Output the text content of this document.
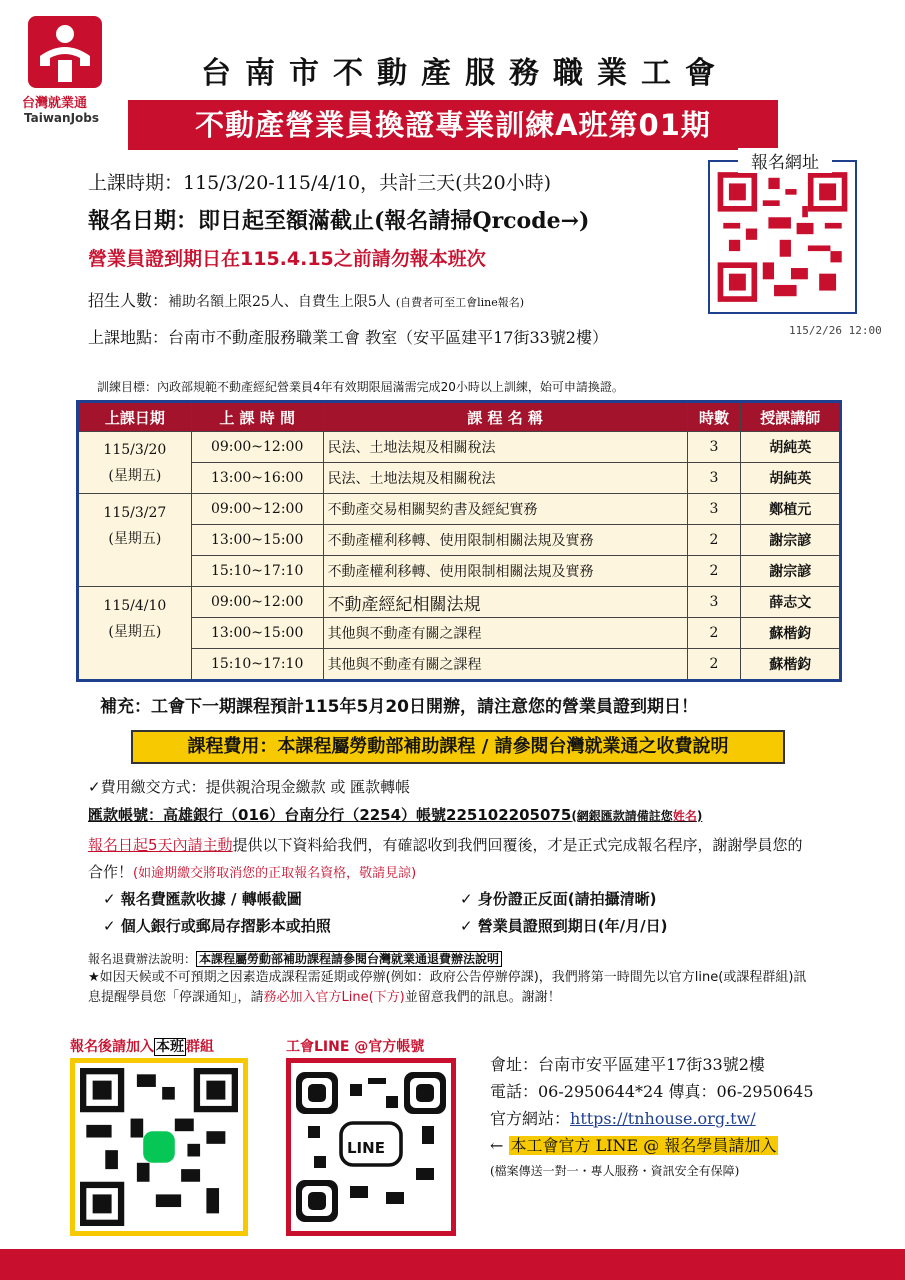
台灣就業通
TaiwanJobs
台南市不動產服務職業工會
不動產營業員換證專業訓練A班第01期
上課時期：115/3/20-115/4/10，共計三天(共20小時)
報名日期：即日起至額滿截止(報名請掃Qrcode→)
營業員證到期日在115.4.15之前請勿報本班次
招生人數：補助名額上限25人、自費生上限5人 (自費者可至工會line報名)
上課地點：台南市不動產服務職業工會 教室（安平區建平17街33號2樓）	115/2/26 12:00
報名網址
訓練目標：內政部規範不動產經紀營業員4年有效期限屆滿需完成20小時以上訓練，始可申請換證。
上課日期	上 課 時 間	課 程 名 稱	時數	授課講師
115/3/20
(星期五)	09:00~12:00	民法、土地法規及相關稅法	3	胡純英
	13:00~16:00	民法、土地法規及相關稅法	3	胡純英
115/3/27
(星期五)	09:00~12:00	不動產交易相關契約書及經紀實務	3	鄭植元
	13:00~15:00	不動產權利移轉、使用限制相關法規及實務	2	謝宗諺
	15:10~17:10	不動產權利移轉、使用限制相關法規及實務	2	謝宗諺
115/4/10
(星期五)	09:00~12:00	不動產經紀相關法規	3	薛志文
	13:00~15:00	其他與不動產有關之課程	2	蘇楷鈞
	15:10~17:10	其他與不動產有關之課程	2	蘇楷鈞
補充：工會下一期課程預計115年5月20日開辦，請注意您的營業員證到期日！
課程費用：本課程屬勞動部補助課程 / 請參閱台灣就業通之收費說明
✓費用繳交方式：提供親洽現金繳款 或 匯款轉帳
匯款帳號：高雄銀行（016）台南分行（2254）帳號225102205075(網銀匯款請備註您姓名)
報名日起5天內請主動提供以下資料給我們，有確認收到我們回覆後，才是正式完成報名程序，謝謝學員您的合作！(如逾期繳交將取消您的正取報名資格，敬請見諒)
✓ 報名費匯款收據 / 轉帳截圖	✓ 身份證正反面(請拍攝清晰)
✓ 個人銀行或郵局存摺影本或拍照	✓ 營業員證照到期日(年/月/日)
報名退費辦法說明： 本課程屬勞動部補助課程請參閱台灣就業通退費辦法說明
★如因天候或不可預期之因素造成課程需延期或停辦(例如：政府公告停辦停課)，我們將第一時間先以官方line(或課程群組)訊息提醒學員您「停課通知」，請務必加入官方Line(下方)並留意我們的訊息。謝謝！
報名後請加入 本班 群組	工會LINE @官方帳號
LINE
會址：台南市安平區建平17街33號2樓
電話：06-2950644*24 傳真：06-2950645
官方網站：https://tnhouse.org.tw/
← 本工會官方 LINE @ 報名學員請加入
(檔案傳送一對一・專人服務・資訊安全有保障)
